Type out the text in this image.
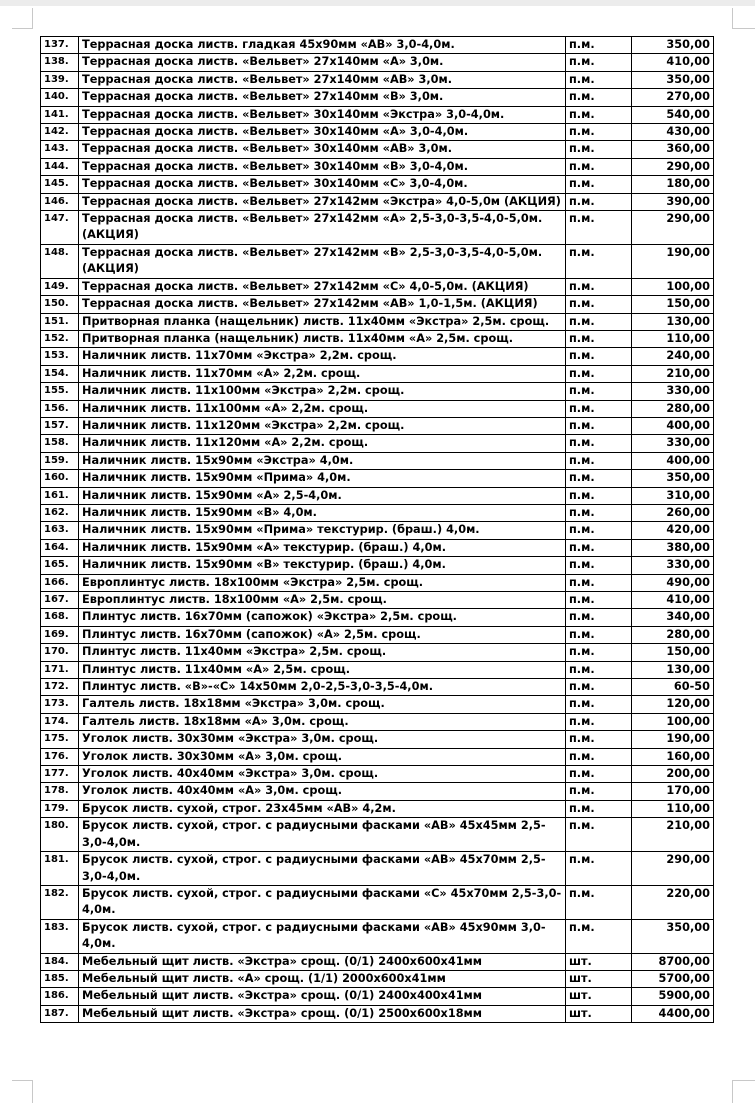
137.	Террасная доска листв. гладкая 45х90мм «АВ» 3,0-4,0м.	п.м.	350,00
138.	Террасная доска листв. «Вельвет» 27х140мм «А» 3,0м.	п.м.	410,00
139.	Террасная доска листв. «Вельвет» 27х140мм «АВ» 3,0м.	п.м.	350,00
140.	Террасная доска листв. «Вельвет» 27х140мм «В» 3,0м.	п.м.	270,00
141.	Террасная доска листв. «Вельвет» 30х140мм «Экстра» 3,0-4,0м.	п.м.	540,00
142.	Террасная доска листв. «Вельвет» 30х140мм «А» 3,0-4,0м.	п.м.	430,00
143.	Террасная доска листв. «Вельвет» 30х140мм «АВ» 3,0м.	п.м.	360,00
144.	Террасная доска листв. «Вельвет» 30х140мм «В» 3,0-4,0м.	п.м.	290,00
145.	Террасная доска листв. «Вельвет» 30х140мм «С» 3,0-4,0м.	п.м.	180,00
146.	Террасная доска листв. «Вельвет» 27х142мм «Экстра» 4,0-5,0м (АКЦИЯ)	п.м.	390,00
147.	Террасная доска листв. «Вельвет» 27х142мм «А» 2,5-3,0-3,5-4,0-5,0м. (АКЦИЯ)	п.м.	290,00
148.	Террасная доска листв. «Вельвет» 27х142мм «В» 2,5-3,0-3,5-4,0-5,0м. (АКЦИЯ)	п.м.	190,00
149.	Террасная доска листв. «Вельвет» 27х142мм «С» 4,0-5,0м. (АКЦИЯ)	п.м.	100,00
150.	Террасная доска листв. «Вельвет» 27х142мм «АВ» 1,0-1,5м. (АКЦИЯ)	п.м.	150,00
151.	Притворная планка (нащельник) листв. 11х40мм «Экстра» 2,5м. срощ.	п.м.	130,00
152.	Притворная планка (нащельник) листв. 11х40мм «А» 2,5м. срощ.	п.м.	110,00
153.	Наличник листв. 11х70мм «Экстра» 2,2м. срощ.	п.м.	240,00
154.	Наличник листв. 11х70мм «А» 2,2м. срощ.	п.м.	210,00
155.	Наличник листв. 11х100мм «Экстра» 2,2м. срощ.	п.м.	330,00
156.	Наличник листв. 11х100мм «А» 2,2м. срощ.	п.м.	280,00
157.	Наличник листв. 11х120мм «Экстра» 2,2м. срощ.	п.м.	400,00
158.	Наличник листв. 11х120мм «А» 2,2м. срощ.	п.м.	330,00
159.	Наличник листв. 15х90мм «Экстра» 4,0м.	п.м.	400,00
160.	Наличник листв. 15х90мм «Прима» 4,0м.	п.м.	350,00
161.	Наличник листв. 15х90мм «А» 2,5-4,0м.	п.м.	310,00
162.	Наличник листв. 15х90мм «В» 4,0м.	п.м.	260,00
163.	Наличник листв. 15х90мм «Прима» текстурир. (браш.) 4,0м.	п.м.	420,00
164.	Наличник листв. 15х90мм «А» текстурир. (браш.) 4,0м.	п.м.	380,00
165.	Наличник листв. 15х90мм «В» текстурир. (браш.) 4,0м.	п.м.	330,00
166.	Европлинтус листв. 18х100мм «Экстра» 2,5м. срощ.	п.м.	490,00
167.	Европлинтус листв. 18х100мм «А» 2,5м. срощ.	п.м.	410,00
168.	Плинтус листв. 16х70мм (сапожок) «Экстра» 2,5м. срощ.	п.м.	340,00
169.	Плинтус листв. 16х70мм (сапожок) «А» 2,5м. срощ.	п.м.	280,00
170.	Плинтус листв. 11х40мм «Экстра» 2,5м. срощ.	п.м.	150,00
171.	Плинтус листв. 11х40мм «А» 2,5м. срощ.	п.м.	130,00
172.	Плинтус листв. «В»-«С» 14х50мм 2,0-2,5-3,0-3,5-4,0м.	п.м.	60-50
173.	Галтель листв. 18х18мм «Экстра» 3,0м. срощ.	п.м.	120,00
174.	Галтель листв. 18х18мм «А» 3,0м. срощ.	п.м.	100,00
175.	Уголок листв. 30х30мм «Экстра» 3,0м. срощ.	п.м.	190,00
176.	Уголок листв. 30х30мм «А» 3,0м. срощ.	п.м.	160,00
177.	Уголок листв. 40х40мм «Экстра» 3,0м. срощ.	п.м.	200,00
178.	Уголок листв. 40х40мм «А» 3,0м. срощ.	п.м.	170,00
179.	Брусок листв. сухой, строг. 23х45мм «АВ» 4,2м.	п.м.	110,00
180.	Брусок листв. сухой, строг. с радиусными фасками «АВ» 45х45мм 2,5-3,0-4,0м.	п.м.	210,00
181.	Брусок листв. сухой, строг. с радиусными фасками «АВ» 45х70мм 2,5-3,0-4,0м.	п.м.	290,00
182.	Брусок листв. сухой, строг. с радиусными фасками «С» 45х70мм 2,5-3,0-4,0м.	п.м.	220,00
183.	Брусок листв. сухой, строг. с радиусными фасками «АВ» 45х90мм 3,0-4,0м.	п.м.	350,00
184.	Мебельный щит листв. «Экстра» срощ. (0/1) 2400х600х41мм	шт.	8700,00
185.	Мебельный щит листв. «А» срощ. (1/1) 2000х600х41мм	шт.	5700,00
186.	Мебельный щит листв. «Экстра» срощ. (0/1) 2400х400х41мм	шт.	5900,00
187.	Мебельный щит листв. «Экстра» срощ. (0/1) 2500х600х18мм	шт.	4400,00
